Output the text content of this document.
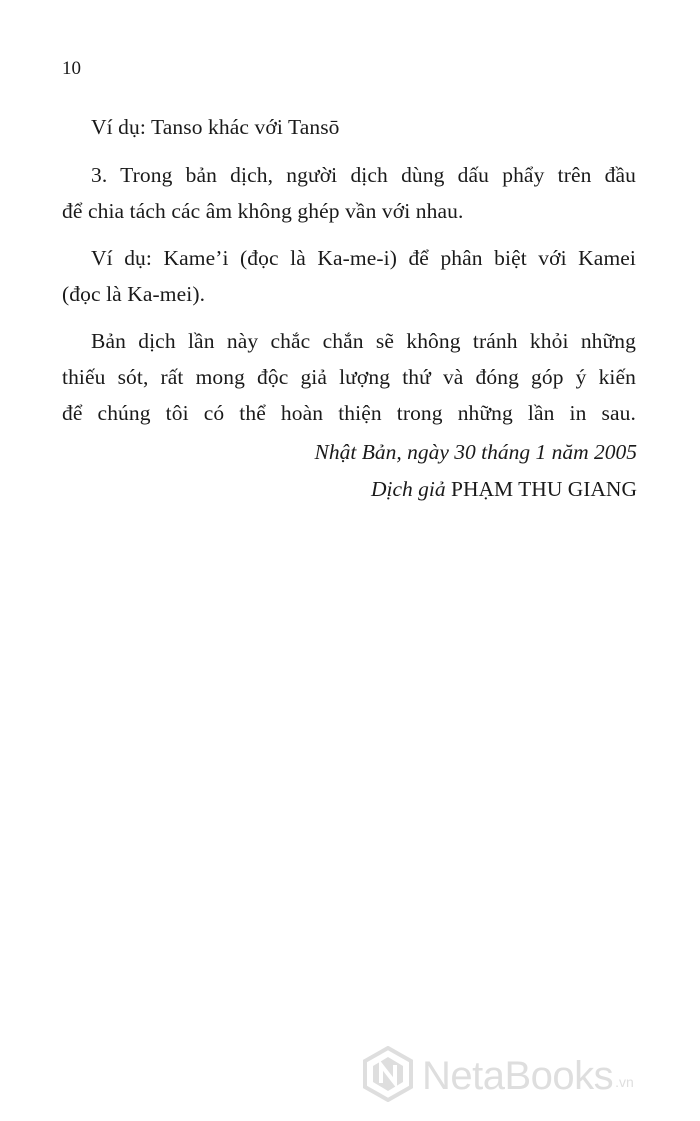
10
Ví dụ: Tanso khác với Tansō
3. Trong bản dịch, người dịch dùng dấu phẩy trên đầu
để chia tách các âm không ghép vần với nhau.
Ví dụ: Kame’i (đọc là Ka-me-i) để phân biệt với Kamei
(đọc là Ka-mei).
Bản dịch lần này chắc chắn sẽ không tránh khỏi những
thiếu sót, rất mong độc giả lượng thứ và đóng góp ý kiến
để chúng tôi có thể hoàn thiện trong những lần in sau.
Nhật Bản, ngày 30 tháng 1 năm 2005
Dịch giả PHẠM THU GIANG
NetaBooks .vn
